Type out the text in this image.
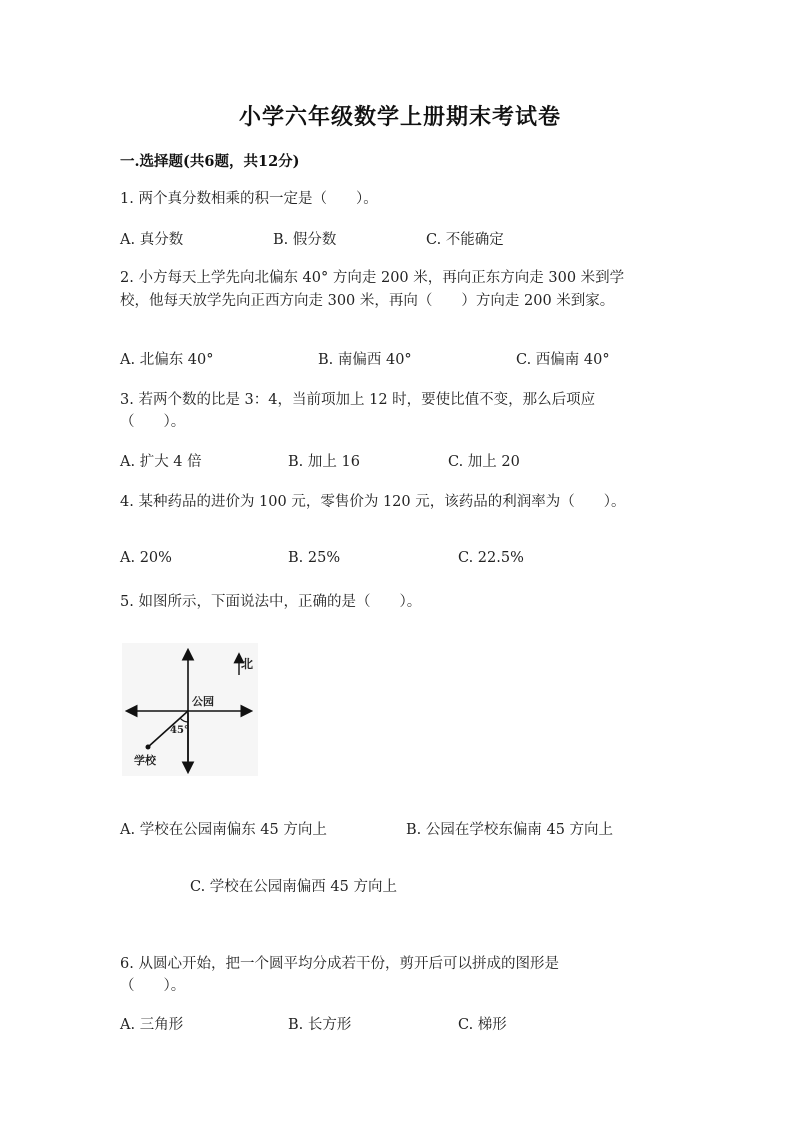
小学六年级数学上册期末考试卷
一.选择题(共6题，共12分)
1. 两个真分数相乘的积一定是（　　）。
A. 真分数	B. 假分数	C. 不能确定
2. 小方每天上学先向北偏东 40° 方向走 200 米，再向正东方向走 300 米到学
校，他每天放学先向正西方向走 300 米，再向（　　）方向走 200 米到家。
A. 北偏东 40°	B. 南偏西 40°	C. 西偏南 40°
3. 若两个数的比是 3：4，当前项加上 12 时，要使比值不变，那么后项应
（　　）。
A. 扩大 4 倍	B. 加上 16	C. 加上 20
4. 某种药品的进价为 100 元，零售价为 120 元，该药品的利润率为（　　）。
A. 20%	B. 25%	C. 22.5%
5. 如图所示，下面说法中，正确的是（　　）。
北
公园
45°
学校
A. 学校在公园南偏东 45 方向上	B. 公园在学校东偏南 45 方向上
C. 学校在公园南偏西 45 方向上
6. 从圆心开始，把一个圆平均分成若干份，剪开后可以拼成的图形是
（　　）。
A. 三角形	B. 长方形	C. 梯形
